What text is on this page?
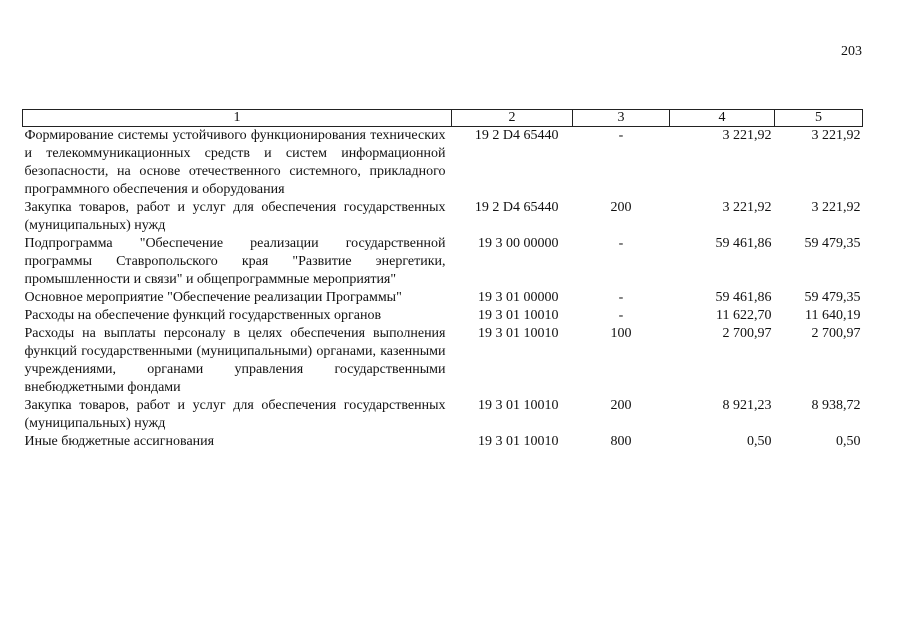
203
1	2	3	4	5
Формирование системы устойчивого функционирования технических и телекоммуникационных средств и систем информационной безопасности, на основе отечественного системного, прикладного программного обеспечения и оборудования	19 2 D4 65440	-	3 221,92	3 221,92
Закупка товаров, работ и услуг для обеспечения государственных (муниципальных) нужд	19 2 D4 65440	200	3 221,92	3 221,92
Подпрограмма "Обеспечение реализации государственной программы Ставропольского края "Развитие энергетики, промышленности и связи" и общепрограммные мероприятия"	19 3 00 00000	-	59 461,86	59 479,35
Основное мероприятие "Обеспечение реализации Программы"	19 3 01 00000	-	59 461,86	59 479,35
Расходы на обеспечение функций государственных органов	19 3 01 10010	-	11 622,70	11 640,19
Расходы на выплаты персоналу в целях обеспечения выполнения функций государственными (муниципальными) органами, казенными учреждениями, органами управления государственными внебюджетными фондами	19 3 01 10010	100	2 700,97	2 700,97
Закупка товаров, работ и услуг для обеспечения государственных (муниципальных) нужд	19 3 01 10010	200	8 921,23	8 938,72
Иные бюджетные ассигнования	19 3 01 10010	800	0,50	0,50
